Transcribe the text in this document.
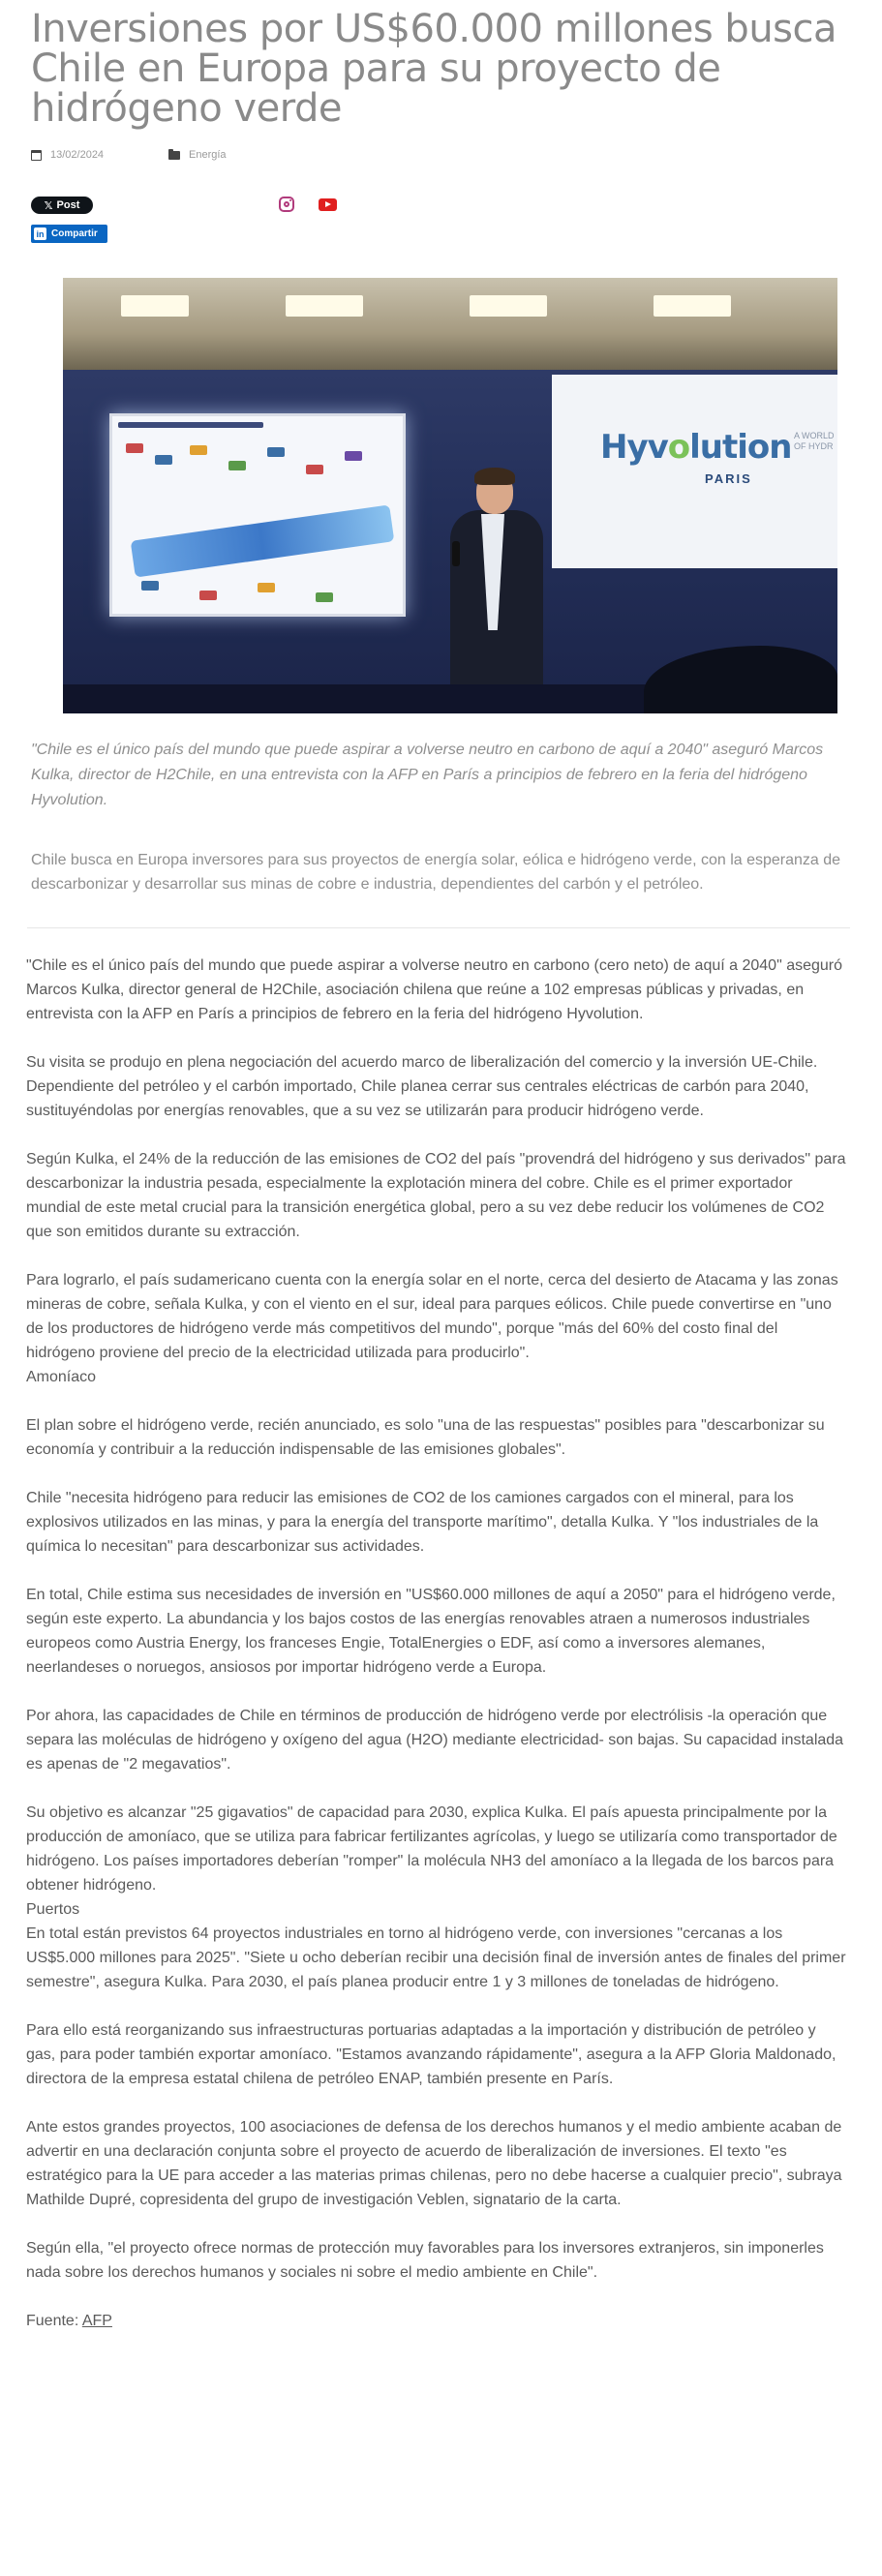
Inversiones por US$60.000 millones busca Chile en Europa para su proyecto de hidrógeno verde
13/02/2024	Energía
𝕏 Post
in Compartir
Hyvolution
PARIS
A WORLD
OF HYDR

"Chile es el único país del mundo que puede aspirar a volverse neutro en carbono de aquí a 2040" aseguró Marcos Kulka, director de H2Chile, en una entrevista con la AFP en París a principios de febrero en la feria del hidrógeno Hyvolution.

Chile busca en Europa inversores para sus proyectos de energía solar, eólica e hidrógeno verde, con la esperanza de descarbonizar y desarrollar sus minas de cobre e industria, dependientes del carbón y el petróleo.

"Chile es el único país del mundo que puede aspirar a volverse neutro en carbono (cero neto) de aquí a 2040" aseguró Marcos Kulka, director general de H2Chile, asociación chilena que reúne a 102 empresas públicas y privadas, en entrevista con la AFP en París a principios de febrero en la feria del hidrógeno Hyvolution.

Su visita se produjo en plena negociación del acuerdo marco de liberalización del comercio y la inversión UE-Chile. Dependiente del petróleo y el carbón importado, Chile planea cerrar sus centrales eléctricas de carbón para 2040, sustituyéndolas por energías renovables, que a su vez se utilizarán para producir hidrógeno verde.

Según Kulka, el 24% de la reducción de las emisiones de CO2 del país "provendrá del hidrógeno y sus derivados" para descarbonizar la industria pesada, especialmente la explotación minera del cobre. Chile es el primer exportador mundial de este metal crucial para la transición energética global, pero a su vez debe reducir los volúmenes de CO2 que son emitidos durante su extracción.

Para lograrlo, el país sudamericano cuenta con la energía solar en el norte, cerca del desierto de Atacama y las zonas mineras de cobre, señala Kulka, y con el viento en el sur, ideal para parques eólicos. Chile puede convertirse en "uno de los productores de hidrógeno verde más competitivos del mundo", porque "más del 60% del costo final del hidrógeno proviene del precio de la electricidad utilizada para producirlo".

Amoníaco

El plan sobre el hidrógeno verde, recién anunciado, es solo "una de las respuestas" posibles para "descarbonizar su economía y contribuir a la reducción indispensable de las emisiones globales".

Chile "necesita hidrógeno para reducir las emisiones de CO2 de los camiones cargados con el mineral, para los explosivos utilizados en las minas, y para la energía del transporte marítimo", detalla Kulka. Y "los industriales de la química lo necesitan" para descarbonizar sus actividades.

En total, Chile estima sus necesidades de inversión en "US$60.000 millones de aquí a 2050" para el hidrógeno verde, según este experto. La abundancia y los bajos costos de las energías renovables atraen a numerosos industriales europeos como Austria Energy, los franceses Engie, TotalEnergies o EDF, así como a inversores alemanes, neerlandeses o noruegos, ansiosos por importar hidrógeno verde a Europa.

Por ahora, las capacidades de Chile en términos de producción de hidrógeno verde por electrólisis -la operación que separa las moléculas de hidrógeno y oxígeno del agua (H2O) mediante electricidad- son bajas. Su capacidad instalada es apenas de "2 megavatios".

Su objetivo es alcanzar "25 gigavatios" de capacidad para 2030, explica Kulka. El país apuesta principalmente por la producción de amoníaco, que se utiliza para fabricar fertilizantes agrícolas, y luego se utilizaría como transportador de hidrógeno. Los países importadores deberían "romper" la molécula NH3 del amoníaco a la llegada de los barcos para obtener hidrógeno.

Puertos

En total están previstos 64 proyectos industriales en torno al hidrógeno verde, con inversiones "cercanas a los US$5.000 millones para 2025". "Siete u ocho deberían recibir una decisión final de inversión antes de finales del primer semestre", asegura Kulka. Para 2030, el país planea producir entre 1 y 3 millones de toneladas de hidrógeno.

Para ello está reorganizando sus infraestructuras portuarias adaptadas a la importación y distribución de petróleo y gas, para poder también exportar amoníaco. "Estamos avanzando rápidamente", asegura a la AFP Gloria Maldonado, directora de la empresa estatal chilena de petróleo ENAP, también presente en París.

Ante estos grandes proyectos, 100 asociaciones de defensa de los derechos humanos y el medio ambiente acaban de advertir en una declaración conjunta sobre el proyecto de acuerdo de liberalización de inversiones. El texto "es estratégico para la UE para acceder a las materias primas chilenas, pero no debe hacerse a cualquier precio", subraya Mathilde Dupré, copresidenta del grupo de investigación Veblen, signatario de la carta.

Según ella, "el proyecto ofrece normas de protección muy favorables para los inversores extranjeros, sin imponerles nada sobre los derechos humanos y sociales ni sobre el medio ambiente en Chile".

Fuente: AFP
